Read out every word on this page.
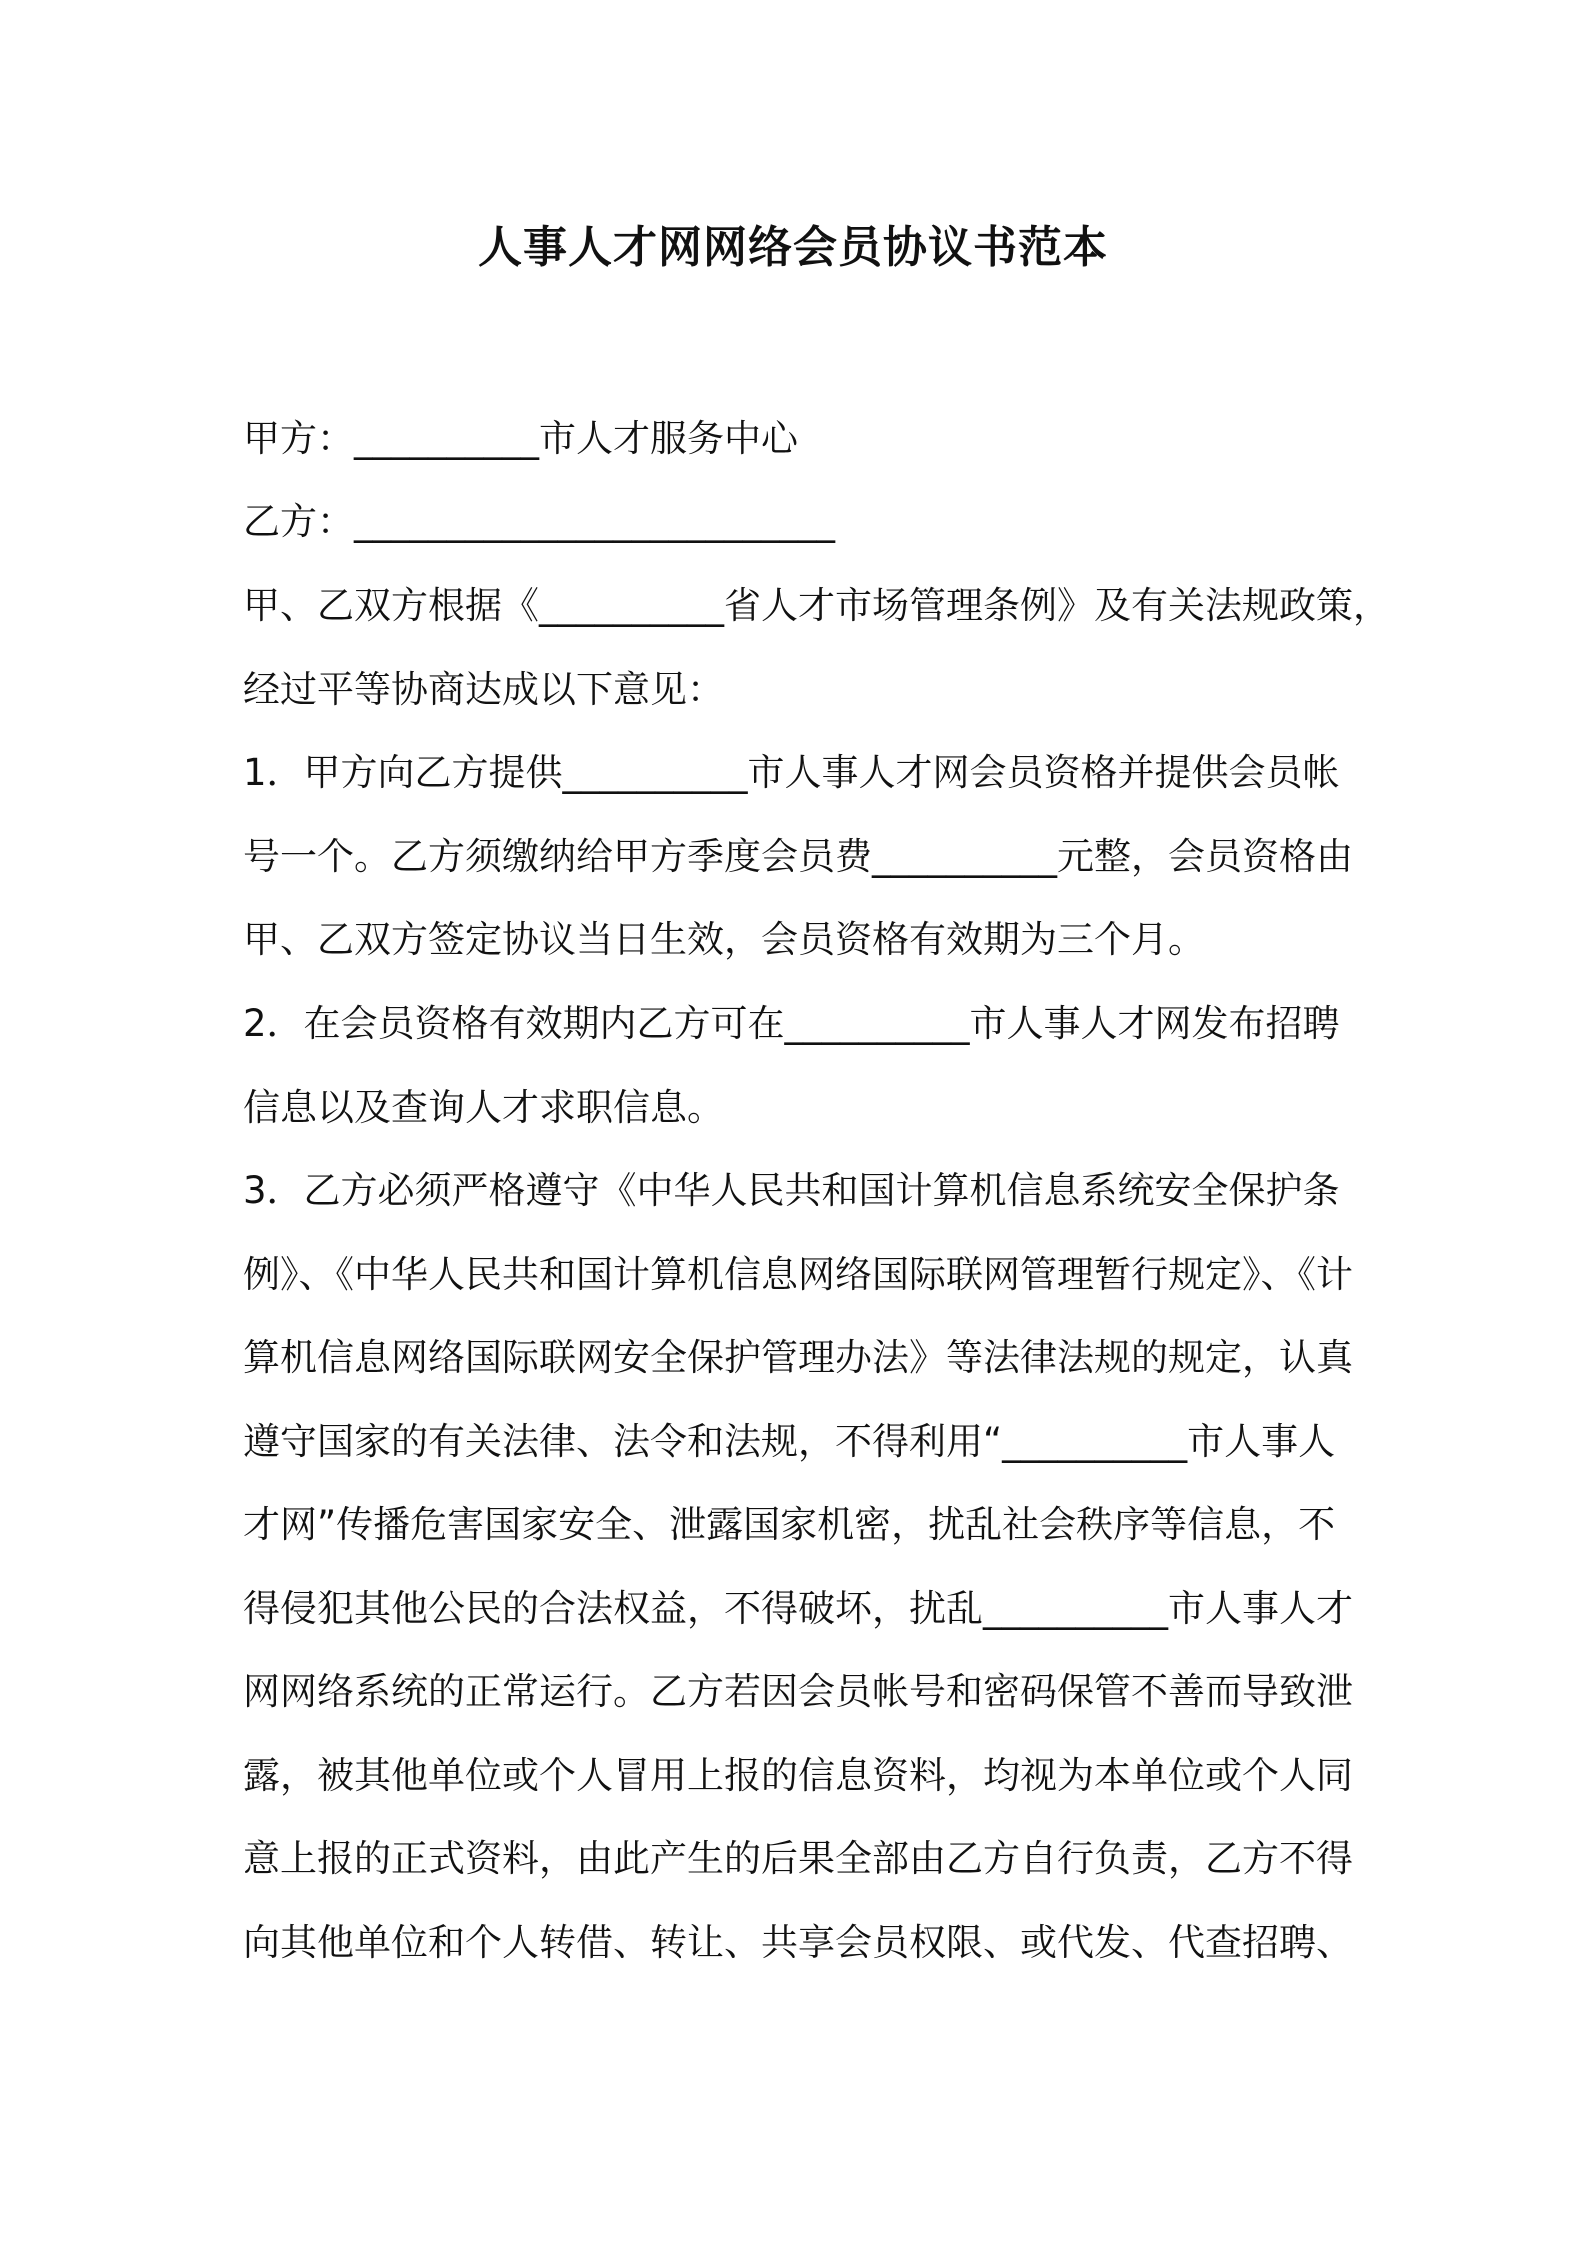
人事人才网网络会员协议书范本

甲方：__________市人才服务中心

乙方：__________________________

甲、乙双方根据《__________省人才市场管理条例》及有关法规政策，

经过平等协商达成以下意见：

1．甲方向乙方提供__________市人事人才网会员资格并提供会员帐

号一个。乙方须缴纳给甲方季度会员费__________元整，会员资格由

甲、乙双方签定协议当日生效，会员资格有效期为三个月。

2．在会员资格有效期内乙方可在__________市人事人才网发布招聘

信息以及查询人才求职信息。

3．乙方必须严格遵守《中华人民共和国计算机信息系统安全保护条

例》、《中华人民共和国计算机信息网络国际联网管理暂行规定》、《计

算机信息网络国际联网安全保护管理办法》等法律法规的规定，认真

遵守国家的有关法律、法令和法规，不得利用“__________市人事人

才网”传播危害国家安全、泄露国家机密，扰乱社会秩序等信息，不

得侵犯其他公民的合法权益，不得破坏，扰乱__________市人事人才

网网络系统的正常运行。乙方若因会员帐号和密码保管不善而导致泄

露，被其他单位或个人冒用上报的信息资料，均视为本单位或个人同

意上报的正式资料，由此产生的后果全部由乙方自行负责，乙方不得

向其他单位和个人转借、转让、共享会员权限、或代发、代查招聘、
